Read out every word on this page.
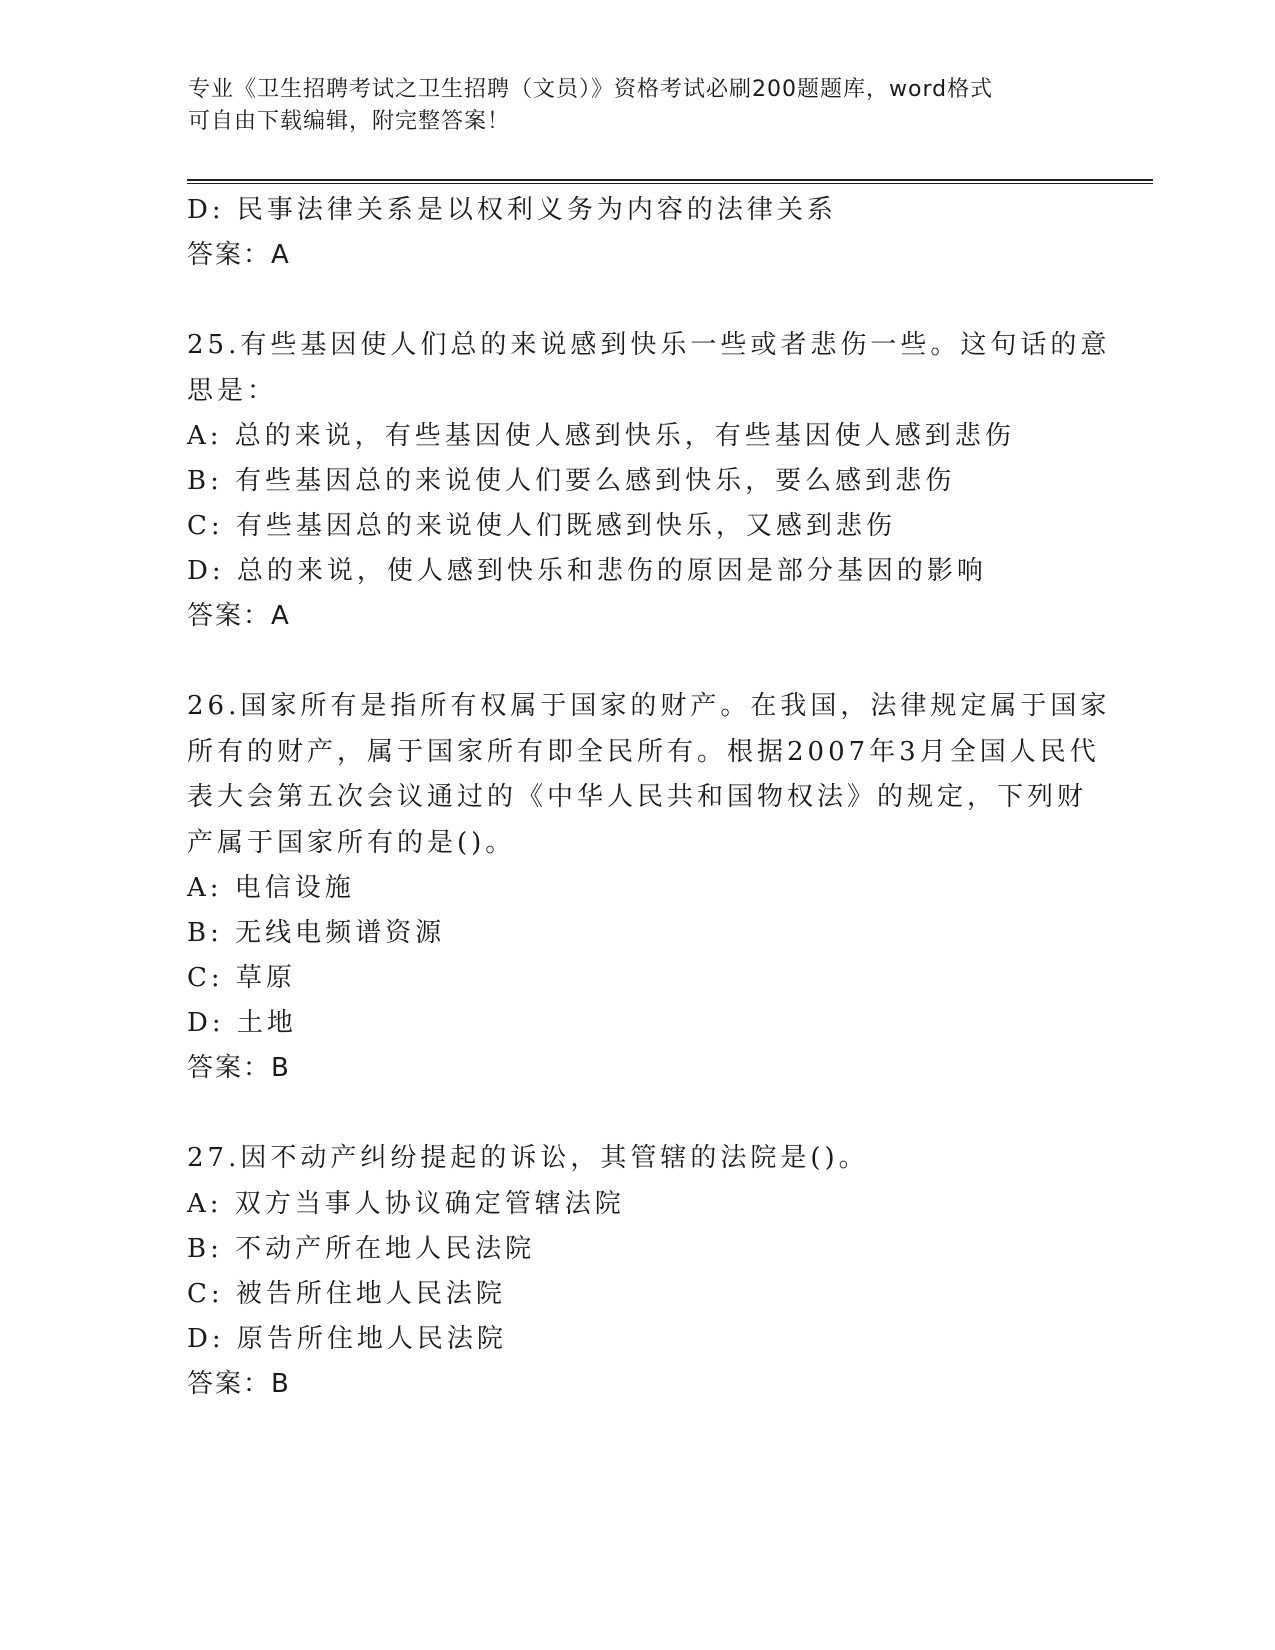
专业《卫生招聘考试之卫生招聘（文员）》资格考试必刷200题题库，word格式
可自由下载编辑，附完整答案！
D: 民事法律关系是以权利义务为内容的法律关系
答案：A
25.有些基因使人们总的来说感到快乐一些或者悲伤一些。这句话的意
思是：
A: 总的来说，有些基因使人感到快乐，有些基因使人感到悲伤
B: 有些基因总的来说使人们要么感到快乐，要么感到悲伤
C: 有些基因总的来说使人们既感到快乐，又感到悲伤
D: 总的来说，使人感到快乐和悲伤的原因是部分基因的影响
答案：A
26.国家所有是指所有权属于国家的财产。在我国，法律规定属于国家
所有的财产，属于国家所有即全民所有。根据2007年3月全国人民代
表大会第五次会议通过的《中华人民共和国物权法》的规定，下列财
产属于国家所有的是()。
A: 电信设施
B: 无线电频谱资源
C: 草原
D: 土地
答案：B
27.因不动产纠纷提起的诉讼，其管辖的法院是()。
A: 双方当事人协议确定管辖法院
B: 不动产所在地人民法院
C: 被告所住地人民法院
D: 原告所住地人民法院
答案：B
